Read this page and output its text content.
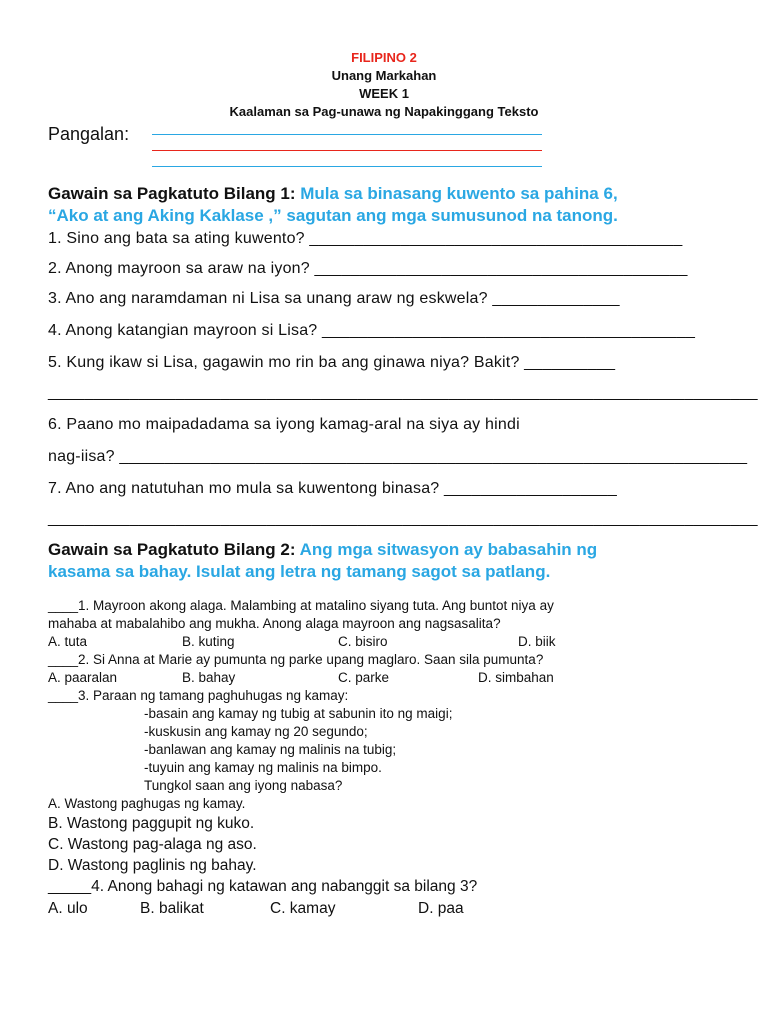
FILIPINO 2
Unang Markahan
WEEK 1
Kaalaman sa Pag-unawa ng Napakinggang Teksto
Pangalan:
Gawain sa Pagkatuto Bilang 1: Mula sa binasang kuwento sa pahina 6,
“Ako at ang Aking Kaklase ,” sagutan ang mga sumusunod na tanong.
1. Sino ang bata sa ating kuwento? _________________________________________
2. Anong mayroon sa araw na iyon? _________________________________________
3. Ano ang naramdaman ni Lisa sa unang araw ng eskwela? ______________
4. Anong katangian mayroon si Lisa? _________________________________________
5. Kung ikaw si Lisa, gagawin mo rin ba ang ginawa niya? Bakit? __________
______________________________________________________________________________
6. Paano mo maipadadama sa iyong kamag-aral na siya ay hindi
nag-iisa? _____________________________________________________________________
7. Ano ang natutuhan mo mula sa kuwentong binasa? ___________________
______________________________________________________________________________
Gawain sa Pagkatuto Bilang 2: Ang mga sitwasyon ay babasahin ng
kasama sa bahay. Isulat ang letra ng tamang sagot sa patlang.
____1. Mayroon akong alaga. Malambing at matalino siyang tuta. Ang buntot niya ay
mahaba at mabalahibo ang mukha. Anong alaga mayroon ang nagsasalita?
A. tuta	B. kuting	C. bisiro	D. biik
____2. Si Anna at Marie ay pumunta ng parke upang maglaro. Saan sila pumunta?
A. paaralan	B. bahay	C. parke	D. simbahan
____3. Paraan ng tamang paghuhugas ng kamay:
-basain ang kamay ng tubig at sabunin ito ng maigi;
-kuskusin ang kamay ng 20 segundo;
-banlawan ang kamay ng malinis na tubig;
-tuyuin ang kamay ng malinis na bimpo.
Tungkol saan ang iyong nabasa?
A. Wastong paghugas ng kamay.
B. Wastong paggupit ng kuko.
C. Wastong pag-alaga ng aso.
D. Wastong paglinis ng bahay.
_____4. Anong bahagi ng katawan ang nabanggit sa bilang 3?
A. ulo	B. balikat	C. kamay	D. paa
